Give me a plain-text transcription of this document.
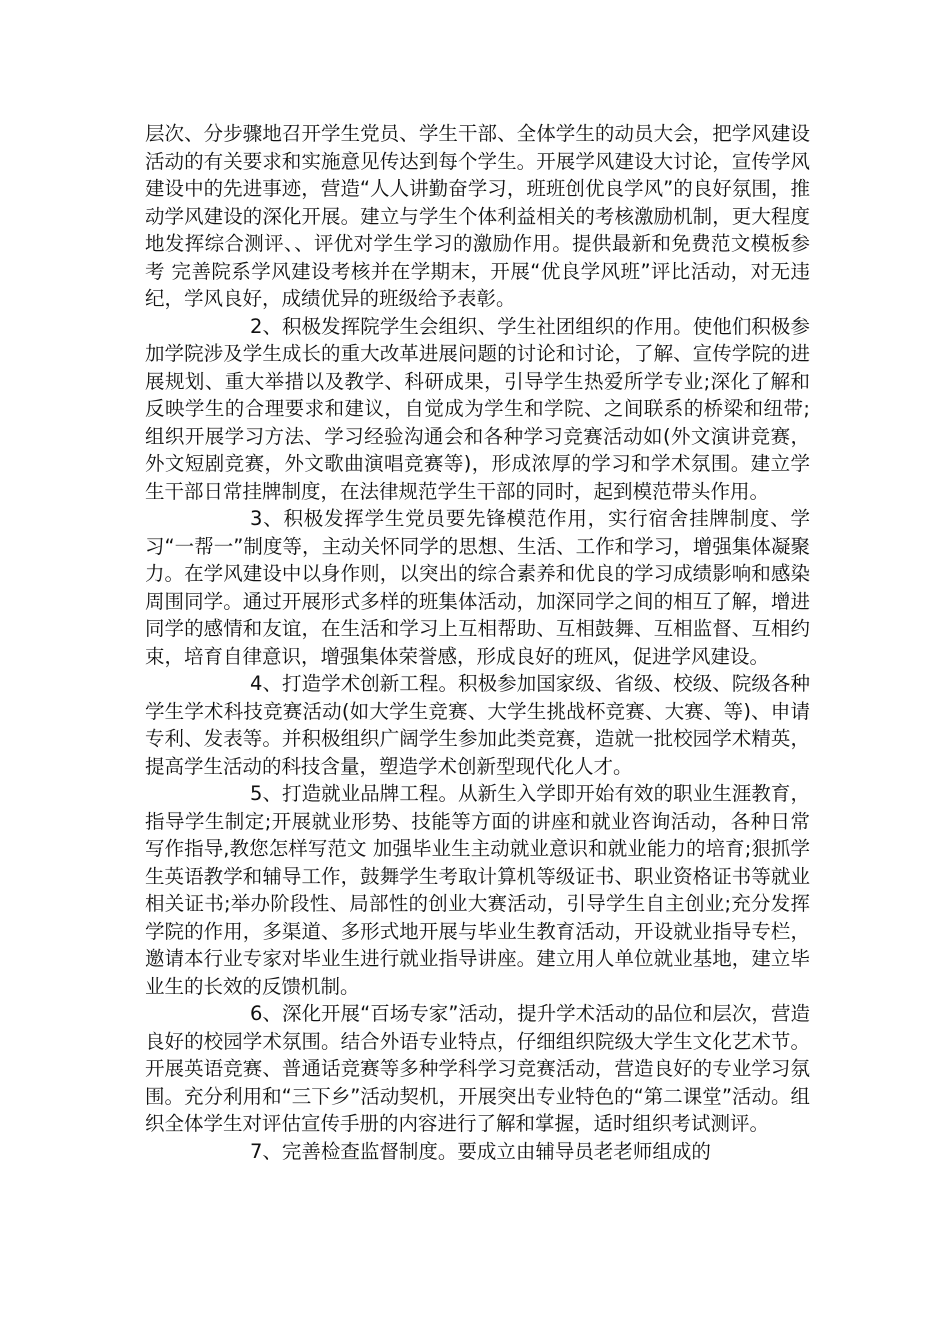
层次、分步骤地召开学生党员、学生干部、全体学生的动员大会，把学风建设活动的有关要求和实施意见传达到每个学生。开展学风建设大讨论，宣传学风建设中的先进事迹，营造“人人讲勤奋学习，班班创优良学风”的良好氛围，推动学风建设的深化开展。建立与学生个体利益相关的考核激励机制，更大程度地发挥综合测评、、评优对学生学习的激励作用。提供最新和免费范文模板参考 完善院系学风建设考核并在学期末，开展“优良学风班”评比活动，对无违纪，学风良好，成绩优异的班级给予表彰。

2、积极发挥院学生会组织、学生社团组织的作用。使他们积极参加学院涉及学生成长的重大改革进展问题的讨论和讨论，了解、宣传学院的进展规划、重大举措以及教学、科研成果，引导学生热爱所学专业;深化了解和反映学生的合理要求和建议，自觉成为学生和学院、之间联系的桥梁和纽带;组织开展学习方法、学习经验沟通会和各种学习竞赛活动如(外文演讲竞赛，外文短剧竞赛，外文歌曲演唱竞赛等)，形成浓厚的学习和学术氛围。建立学生干部日常挂牌制度，在法律规范学生干部的同时，起到模范带头作用。

3、积极发挥学生党员要先锋模范作用，实行宿舍挂牌制度、学习“一帮一”制度等，主动关怀同学的思想、生活、工作和学习，增强集体凝聚力。在学风建设中以身作则，以突出的综合素养和优良的学习成绩影响和感染周围同学。通过开展形式多样的班集体活动，加深同学之间的相互了解，增进同学的感情和友谊，在生活和学习上互相帮助、互相鼓舞、互相监督、互相约束，培育自律意识，增强集体荣誉感，形成良好的班风，促进学风建设。

4、打造学术创新工程。积极参加国家级、省级、校级、院级各种学生学术科技竞赛活动(如大学生竞赛、大学生挑战杯竞赛、大赛、等)、申请专利、发表等。并积极组织广阔学生参加此类竞赛，造就一批校园学术精英，提高学生活动的科技含量，塑造学术创新型现代化人才。

5、打造就业品牌工程。从新生入学即开始有效的职业生涯教育，指导学生制定;开展就业形势、技能等方面的讲座和就业咨询活动，各种日常写作指导,教您怎样写范文 加强毕业生主动就业意识和就业能力的培育;狠抓学生英语教学和辅导工作，鼓舞学生考取计算机等级证书、职业资格证书等就业相关证书;举办阶段性、局部性的创业大赛活动，引导学生自主创业;充分发挥学院的作用，多渠道、多形式地开展与毕业生教育活动，开设就业指导专栏，邀请本行业专家对毕业生进行就业指导讲座。建立用人单位就业基地，建立毕业生的长效的反馈机制。

6、深化开展“百场专家”活动，提升学术活动的品位和层次，营造良好的校园学术氛围。结合外语专业特点，仔细组织院级大学生文化艺术节。开展英语竞赛、普通话竞赛等多种学科学习竞赛活动，营造良好的专业学习氛围。充分利用和“三下乡”活动契机，开展突出专业特色的“第二课堂”活动。组织全体学生对评估宣传手册的内容进行了解和掌握，适时组织考试测评。

7、完善检查监督制度。要成立由辅导员老老师组成的
